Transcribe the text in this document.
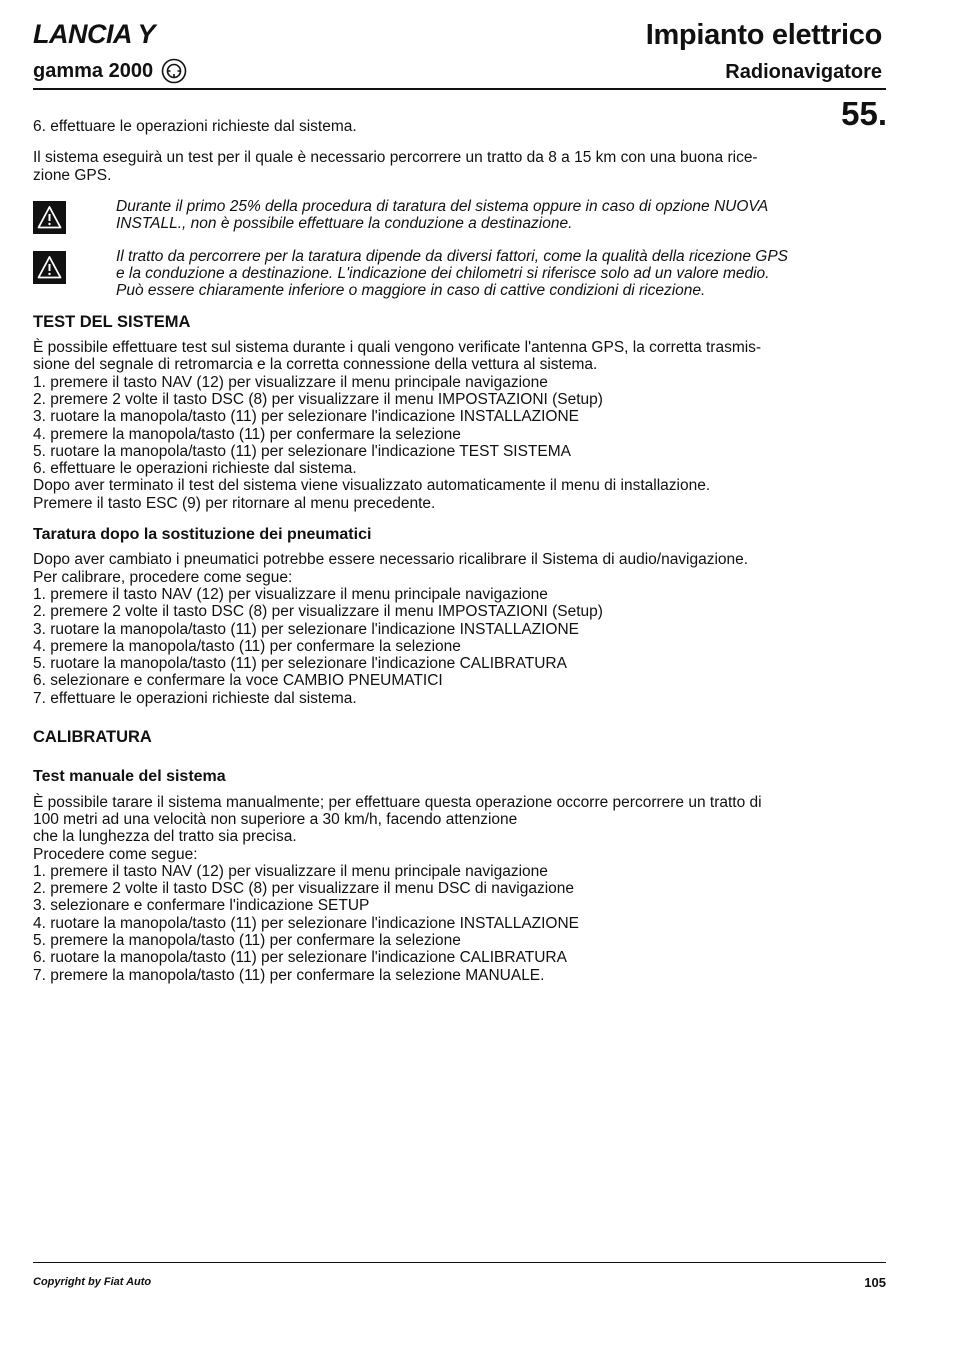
LANCIA Y
gamma 2000
Impianto elettrico
Radionavigatore
55.

6. effettuare le operazioni richieste dal sistema.

Il sistema eseguirà un test per il quale è necessario percorrere un tratto da 8 a 15 km con una buona rice-

zione GPS.

Durante il primo 25% della procedura di taratura del sistema oppure in caso di opzione NUOVA

INSTALL., non è possibile effettuare la conduzione a destinazione.

Il tratto da percorrere per la taratura dipende da diversi fattori, come la qualità della ricezione GPS

e la conduzione a destinazione. L'indicazione dei chilometri si riferisce solo ad un valore medio.

Può essere chiaramente inferiore o maggiore in caso di cattive condizioni di ricezione.

TEST DEL SISTEMA

È possibile effettuare test sul sistema durante i quali vengono verificate l'antenna GPS, la corretta trasmis-

sione del segnale di retromarcia e la corretta connessione della vettura al sistema.

1. premere il tasto NAV (12) per visualizzare il menu principale navigazione

2. premere 2 volte il tasto DSC (8) per visualizzare il menu IMPOSTAZIONI (Setup)

3. ruotare la manopola/tasto (11) per selezionare l'indicazione INSTALLAZIONE

4. premere la manopola/tasto (11) per confermare la selezione

5. ruotare la manopola/tasto (11) per selezionare l'indicazione TEST SISTEMA

6. effettuare le operazioni richieste dal sistema.

Dopo aver terminato il test del sistema viene visualizzato automaticamente il menu di installazione.

Premere il tasto ESC (9) per ritornare al menu precedente.

Taratura dopo la sostituzione dei pneumatici

Dopo aver cambiato i pneumatici potrebbe essere necessario ricalibrare il Sistema di audio/navigazione.

Per calibrare, procedere come segue:

1. premere il tasto NAV (12) per visualizzare il menu principale navigazione

2. premere 2 volte il tasto DSC (8) per visualizzare il menu IMPOSTAZIONI (Setup)

3. ruotare la manopola/tasto (11) per selezionare l'indicazione INSTALLAZIONE

4. premere la manopola/tasto (11) per confermare la selezione

5. ruotare la manopola/tasto (11) per selezionare l'indicazione CALIBRATURA

6. selezionare e confermare la voce CAMBIO PNEUMATICI

7. effettuare le operazioni richieste dal sistema.

CALIBRATURA

Test manuale del sistema

È possibile tarare il sistema manualmente; per effettuare questa operazione occorre percorrere un tratto di

100 metri ad una velocità non superiore a 30 km/h, facendo attenzione

che la lunghezza del tratto sia precisa.

Procedere come segue:

1. premere il tasto NAV (12) per visualizzare il menu principale navigazione

2. premere 2 volte il tasto DSC (8) per visualizzare il menu DSC di navigazione

3. selezionare e confermare l'indicazione SETUP

4. ruotare la manopola/tasto (11) per selezionare l'indicazione INSTALLAZIONE

5. premere la manopola/tasto (11) per confermare la selezione

6. ruotare la manopola/tasto (11) per selezionare l'indicazione CALIBRATURA

7. premere la manopola/tasto (11) per confermare la selezione MANUALE.

Copyright by Fiat Auto	105
